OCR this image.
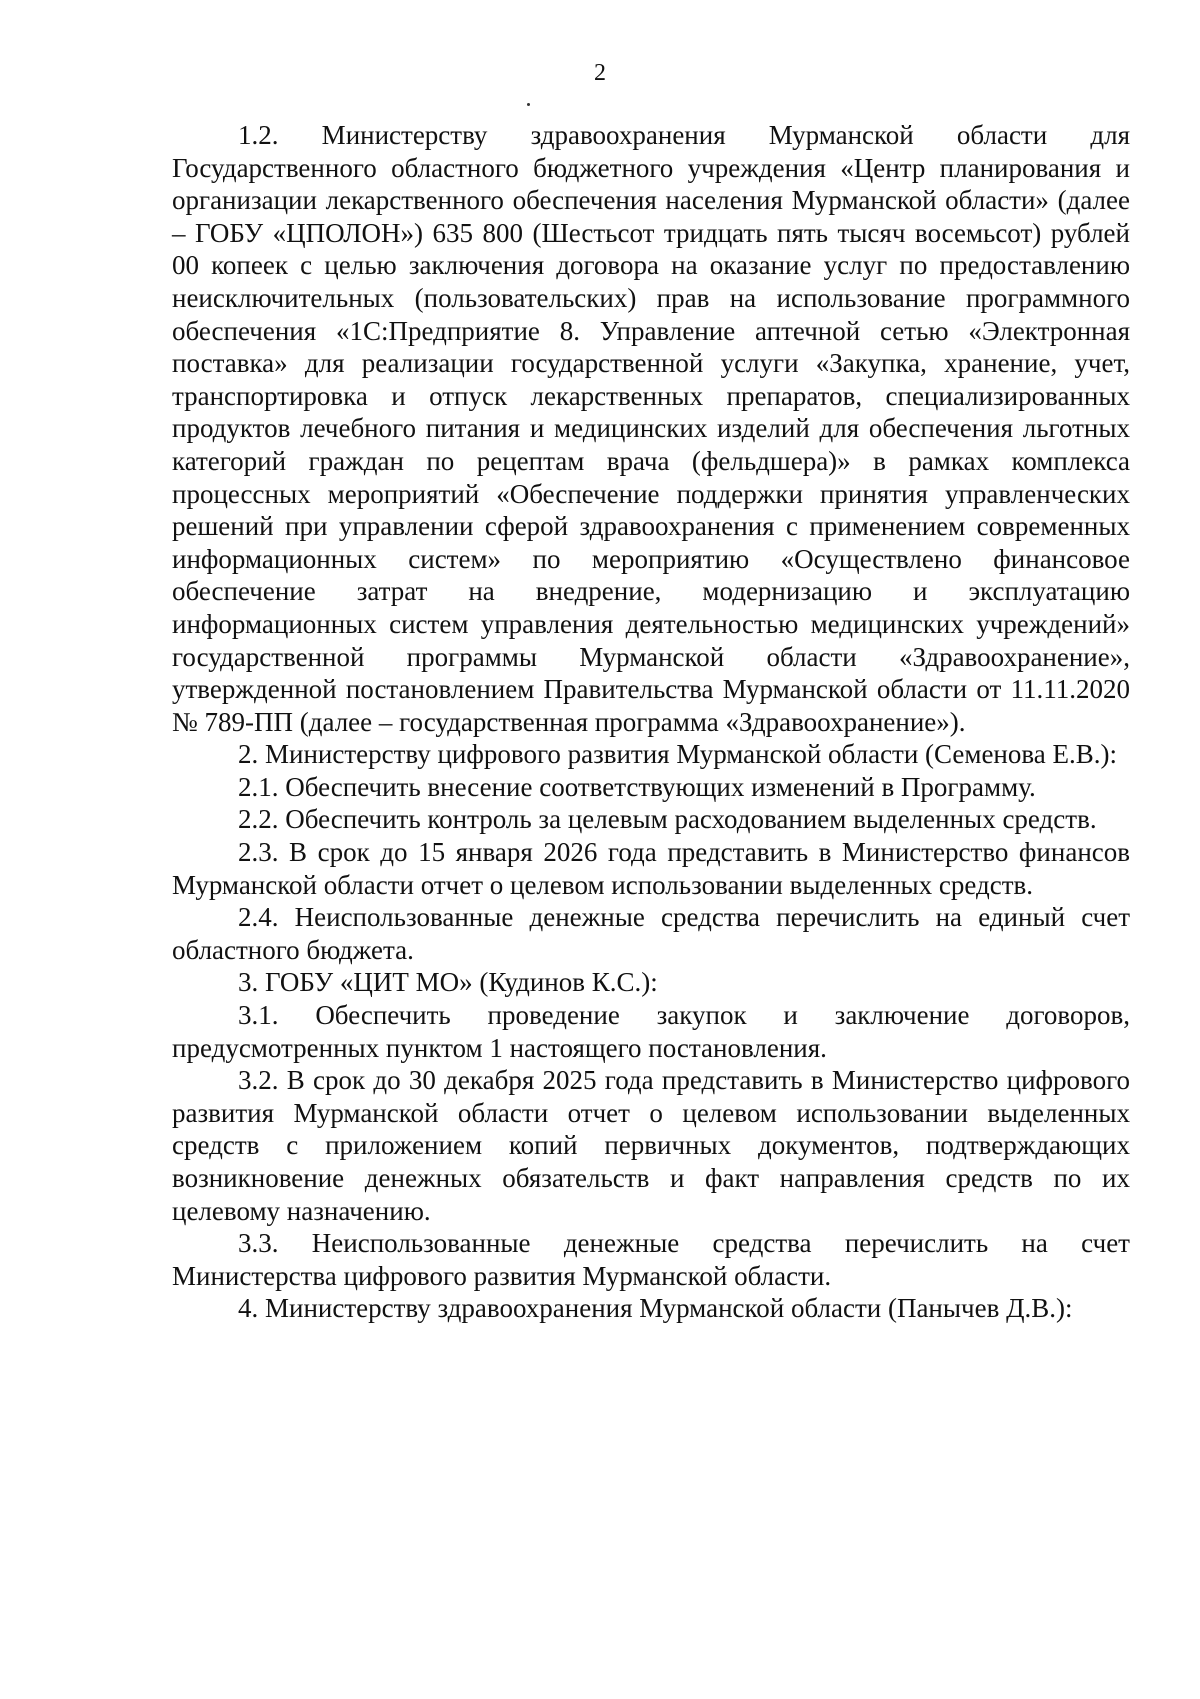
2

1.2. Министерству здравоохранения Мурманской области для Государственного областного бюджетного учреждения «Центр планирования и организации лекарственного обеспечения населения Мурманской области» (далее – ГОБУ «ЦПОЛОН») 635 800 (Шестьсот тридцать пять тысяч восемьсот) рублей 00 копеек с целью заключения договора на оказание услуг по предоставлению неисключительных (пользовательских) прав на использование программного обеспечения «1С:Предприятие 8. Управление аптечной сетью «Электронная поставка» для реализации государственной услуги «Закупка, хранение, учет, транспортировка и отпуск лекарственных препаратов, специализированных продуктов лечебного питания и медицинских изделий для обеспечения льготных категорий граждан по рецептам врача (фельдшера)» в рамках комплекса процессных мероприятий «Обеспечение поддержки принятия управленческих решений при управлении сферой здравоохранения с применением современных информационных систем» по мероприятию «Осуществлено финансовое обеспечение затрат на внедрение, модернизацию и эксплуатацию информационных систем управления деятельностью медицинских учреждений» государственной программы Мурманской области «Здравоохранение», утвержденной постановлением Правительства Мурманской области от 11.11.2020 № 789-ПП (далее – государственная программа «Здравоохранение»).

2. Министерству цифрового развития Мурманской области (Семенова Е.В.):

2.1. Обеспечить внесение соответствующих изменений в Программу.

2.2. Обеспечить контроль за целевым расходованием выделенных средств.

2.3. В срок до 15 января 2026 года представить в Министерство финансов Мурманской области отчет о целевом использовании выделенных средств.

2.4. Неиспользованные денежные средства перечислить на единый счет областного бюджета.

3. ГОБУ «ЦИТ МО» (Кудинов К.С.):

3.1. Обеспечить проведение закупок и заключение договоров, предусмотренных пунктом 1 настоящего постановления.

3.2. В срок до 30 декабря 2025 года представить в Министерство цифрового развития Мурманской области отчет о целевом использовании выделенных средств с приложением копий первичных документов, подтверждающих возникновение денежных обязательств и факт направления средств по их целевому назначению.

3.3. Неиспользованные денежные средства перечислить на счет Министерства цифрового развития Мурманской области.

4. Министерству здравоохранения Мурманской области (Панычев Д.В.):
